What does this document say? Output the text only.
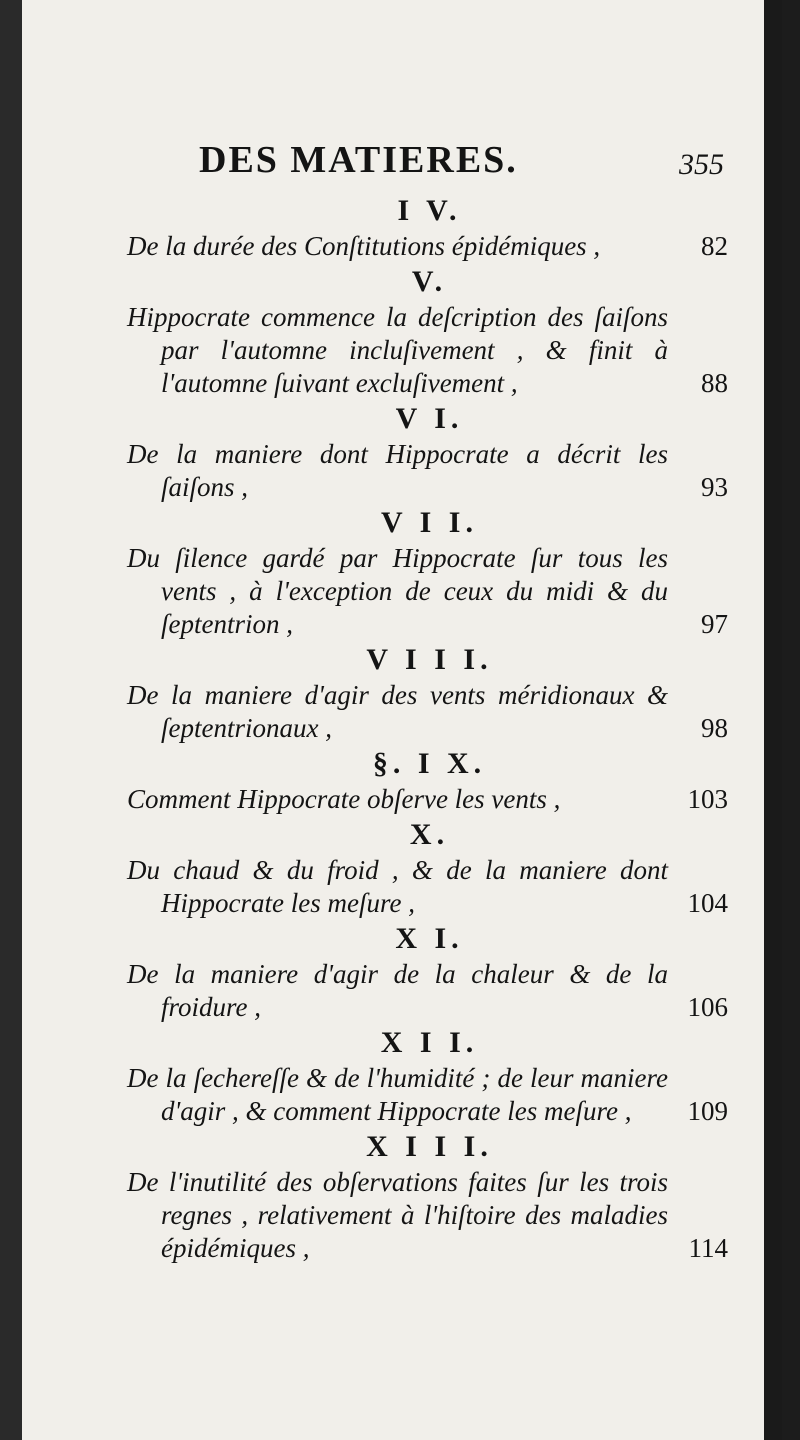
DES MATIERES.	355
I V.
De la durée des Conſtitutions épidémiques ,	82
V.
Hippocrate commence la deſcription des ſaiſons par l'automne incluſivement , & finit à l'automne ſuivant excluſivement ,	88
V I.
De la maniere dont Hippocrate a décrit les ſaiſons ,	93
V I I.
Du ſilence gardé par Hippocrate ſur tous les vents , à l'exception de ceux du midi & du ſeptentrion ,	97
V I I I.
De la maniere d'agir des vents méridionaux & ſeptentrionaux ,	98
§. I X.
Comment Hippocrate obſerve les vents ,	103
X.
Du chaud & du froid , & de la maniere dont Hippocrate les meſure ,	104
X I.
De la maniere d'agir de la chaleur & de la froidure ,	106
X I I.
De la ſechereſſe & de l'humidité ; de leur maniere d'agir , & comment Hippocrate les meſure , 109
X I I I.
De l'inutilité des obſervations faites ſur les trois regnes , relativement à l'hiſtoire des maladies épidémiques ,	114
